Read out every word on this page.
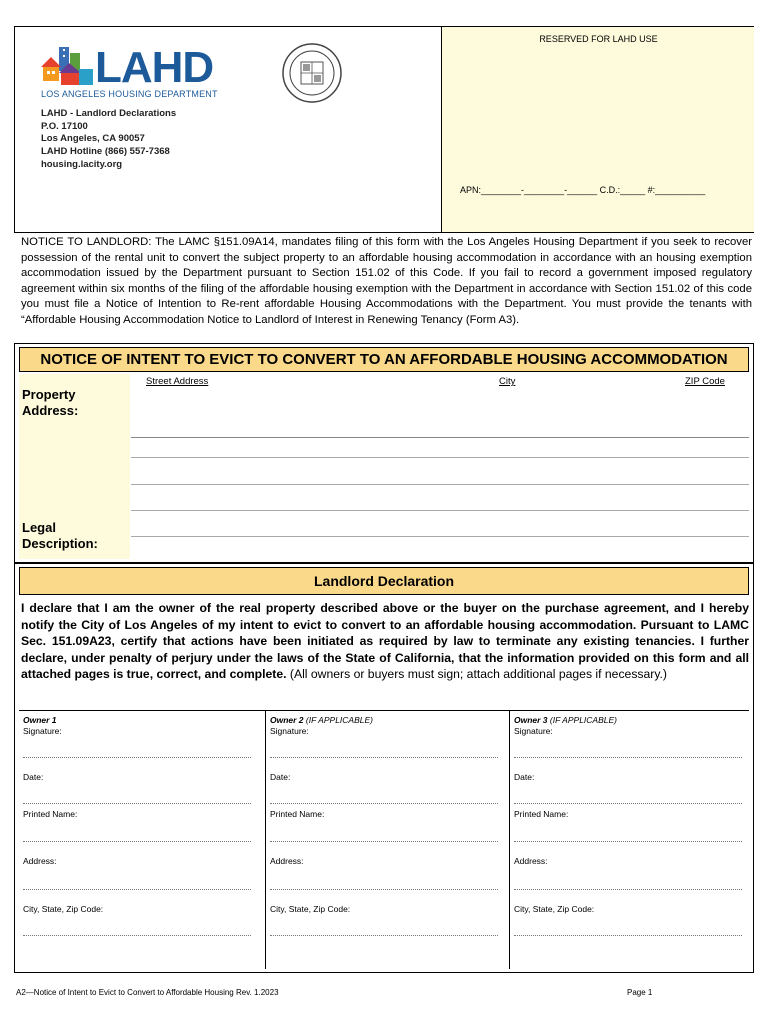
LAHD
LOS ANGELES HOUSING DEPARTMENT
LAHD - Landlord Declarations
P.O. 17100
Los Angeles, CA 90057
LAHD Hotline (866) 557-7368
housing.lacity.org
RESERVED FOR LAHD USE
APN:________-________-______ C.D.:_____ #:__________
NOTICE TO LANDLORD: The LAMC §151.09A14, mandates filing of this form with the Los Angeles Housing Department if you seek to recover possession of the rental unit to convert the subject property to an affordable housing accommodation in accordance with an housing exemption accommodation issued by the Department pursuant to Section 151.02 of this Code. If you fail to record a government imposed regulatory agreement within six months of the filing of the affordable housing exemption with the Department in accordance with Section 151.02 of this code you must file a Notice of Intention to Re-rent affordable Housing Accommodations with the Department. You must provide the tenants with “Affordable Housing Accommodation Notice to Landlord of Interest in Renewing Tenancy (Form A3).
NOTICE OF INTENT TO EVICT TO CONVERT TO AN AFFORDABLE HOUSING ACCOMMODATION
Property
Address:
Legal
Description:
Street Address	City	ZIP Code
Landlord Declaration
I declare that I am the owner of the real property described above or the buyer on the purchase agreement, and I hereby notify the City of Los Angeles of my intent to evict to convert to an affordable housing accommodation. Pursuant to LAMC Sec. 151.09A23, certify that actions have been initiated as required by law to terminate any existing tenancies. I further declare, under penalty of perjury under the laws of the State of California, that the information provided on this form and all attached pages is true, correct, and complete. (All owners or buyers must sign; attach additional pages if necessary.)
Owner 1
Signature:
Date:
Printed Name:
Address:
City, State, Zip Code:
Owner 2 (IF APPLICABLE)
Signature:
Date:
Printed Name:
Address:
City, State, Zip Code:
Owner 3 (IF APPLICABLE)
Signature:
Date:
Printed Name:
Address:
City, State, Zip Code:
A2—Notice of Intent to Evict to Convert to Affordable Housing Rev. 1.2023	Page 1
